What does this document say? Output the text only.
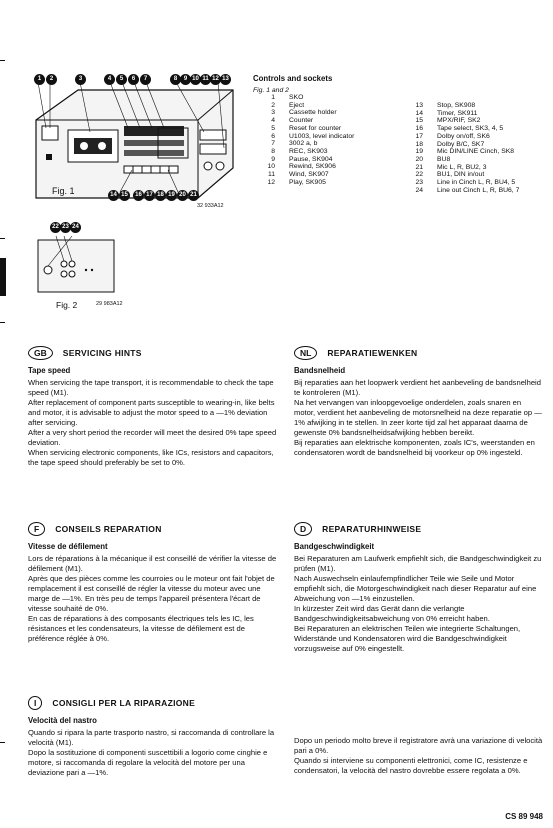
1	2	3	4	5	6	7	8	9 10 11 12 13
14 15	16 17 18 19 20 21
Fig. 1
32 933A12
22 23 24
Fig. 2	29 983A12
Controls and sockets
Fig. 1 and 2
1	SKO
2	Eject
3	Cassette holder
4	Counter
5	Reset for counter
6	U1003, level indicator
7	3002 a, b
8	REC, SK903
9	Pause, SK904
10	Rewind, SK906
11	Wind, SK907
12	Play, SK905
13	Stop, SK908
14	Timer, SK911
15	MPX/RIF, SK2
16	Tape select, SK3, 4, 5
17	Dolby on/off, SK6
18	Dolby B/C, SK7
19	Mic DIN/LINE Cinch, SK8
20	BU8
21	Mic L, R, BU2, 3
22	BU1, DIN in/out
23	Line in Cinch L, R, BU4, 5
24	Line out Cinch L, R, BU6, 7
GB	SERVICING HINTS
Tape speed

When servicing the tape transport, it is recommendable to check the tape speed (M1).

After replacement of component parts susceptible to wearing-in, like belts and motor, it is advisable to adjust the motor speed to a —1% deviation after servicing.

After a very short period the recorder will meet the desired 0% tape speed deviation.

When servicing electronic components, like ICs, resistors and capacitors, the tape speed should preferably be set to 0%.

NL	REPARATIEWENKEN
Bandsnelheid

Bij reparaties aan het loopwerk verdient het aanbeveling de bandsnelheid te kontroleren (M1).

Na het vervangen van inloopgevoelige onderdelen, zoals snaren en motor, verdient het aanbeveling de motorsnelheid na deze reparatie op —1% afwijking in te stellen. In zeer korte tijd zal het apparaat daarna de gewenste 0% bandsnelheidsafwijking hebben bereikt.

Bij reparaties aan elektrische komponenten, zoals IC's, weerstanden en condensatoren wordt de bandsnelheid bij voorkeur op 0% ingesteld.

F	CONSEILS REPARATION
Vitesse de défilement

Lors de réparations à la mécanique il est conseillé de vérifier la vitesse de défilement (M1).

Après que des pièces comme les courroies ou le moteur ont fait l'objet de remplacement il est conseillé de régler la vitesse du moteur avec une marge de —1%. En très peu de temps l'appareil présentera l'écart de vitesse souhaité de 0%.

En cas de réparations à des composants électriques tels les IC, les résistances et les condensateurs, la vitesse de défilement est de préférence réglée à 0%.

D	REPARATURHINWEISE
Bandgeschwindigkeit

Bei Reparaturen am Laufwerk empfiehlt sich, die Bandgeschwindigkeit zu prüfen (M1).

Nach Auswechseln einlaufempfindlicher Teile wie Seile und Motor empfiehlt sich, die Motorgeschwindigkeit nach dieser Reparatur auf eine Abweichung von —1% einzustellen.

In kürzester Zeit wird das Gerät dann die verlangte Bandgeschwindigkeitsabweichung von 0% erreicht haben.

Bei Reparaturen an elektrischen Teilen wie integrierte Schaltungen, Widerstände und Kondensatoren wird die Bandgeschwindigkeit vorzugsweise auf 0% eingestellt.

I	CONSIGLI PER LA RIPARAZIONE
Velocità del nastro

Quando si ripara la parte trasporto nastro, si raccomanda di controllare la velocità (M1).

Dopo la sostituzione di componenti suscettibili a logorio come cinghie e motore, si raccomanda di regolare la velocità del motore per una deviazione pari a —1%.

Dopo un periodo molto breve il registratore avrà una variazione di velocità pari a 0%.

Quando si interviene su componenti elettronici, come IC, resistenze e condensatori, la velocità del nastro dovrebbe essere regolata a 0%.

CS 89 948
